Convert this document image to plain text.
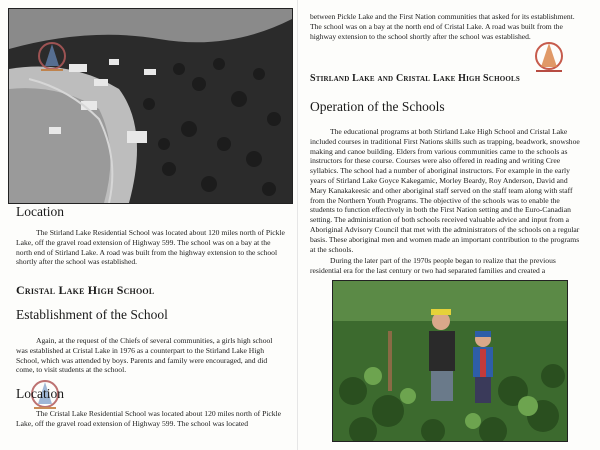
Location

The Stirland Lake Residential School was located about 120 miles north of Pickle Lake, off the gravel road extension of Highway 599. The school was on a bay at the north end of Stirland Lake. A road was built from the highway extension to the school shortly after the school was established.

Cristal Lake High School
Establishment of the School

Again, at the request of the Chiefs of several communities, a girls high school was established at Cristal Lake in 1976 as a counterpart to the Stirland Lake High School, which was attended by boys. Parents and family were encouraged, and did come, to visit students at the school.

Location

The Cristal Lake Residential School was located about 120 miles north of Pickle Lake, off the gravel road extension of Highway 599. The school was located

between Pickle Lake and the First Nation communities that asked for its establishment. The school was on a bay at the north end of Cristal Lake. A road was built from the highway extension to the school shortly after the school was established.

Stirland Lake and Cristal Lake High Schools
Operation of the Schools

The educational programs at both Stirland Lake High School and Cristal Lake included courses in traditional First Nations skills such as trapping, beadwork, snowshoe making and canoe building. Elders from various communities came to the schools as instructors for these course. Courses were also offered in reading and writing Cree syllabics. The school had a number of aboriginal instructors. For example in the early years of Stirland Lake Goyce Kakegamic, Morley Beardy, Roy Anderson, David and Mary Kanakakeesic and other aboriginal staff served on the staff team along with staff from the Northern Youth Programs. The objective of the schools was to enable the students to function effectively in both the First Nation setting and the Euro-Canadian setting. The administration of both schools received valuable advice and input from a Aboriginal Advisory Council that met with the administrators of the schools on a regular basis. These aboriginal men and women made an important contribution to the programs at the schools.

During the later part of the 1970s people began to realize that the previous residential era for the last century or two had separated families and created a
